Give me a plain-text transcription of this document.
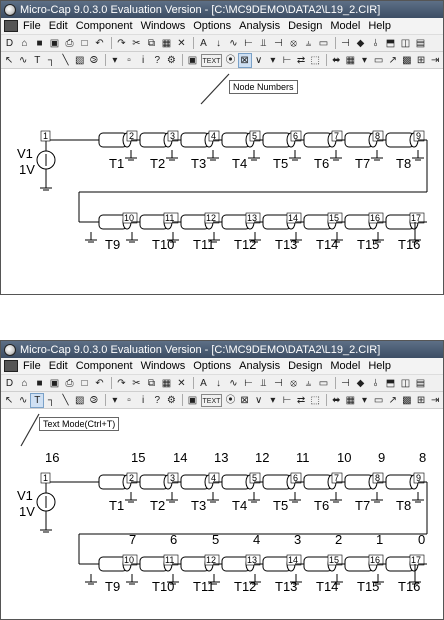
Micro-Cap 9.0.3.0 Evaluation Version - [C:\MC9DEMO\DATA2\L19_2.CIR]
File Edit Component Windows Options Analysis Design Model Help
D ⌂ ■ ▣ ⎙ □ ↶ ↷ ✂ ⧉ ▦ ✕	A ↓ ∿ ⊢ ⫫ ⊣ ⦻ ⫨ ▭ ⊣ ◆ ⫰ ⬒ ◫ ▤
↖ ∿ T ┐ ╲ ▧ ⧁	▾ ▫	i	? ⚙ ▣ TEXT ⦿ ⊠ ∨ ▾ ⊢ ⇄ ⬚ ⬌ ▦ ▾ ▭ ↗ ▩ ⊞ ⇥
V1
1V
1
T1
2
T2
3
T3
4
T4
5
T5
6
T6
7
T7
8
T8
9
T9
10
T10
11
T11
12
T12
13
T13
14
T14
15
T15
16
T16
17
Node Numbers
Micro-Cap 9.0.3.0 Evaluation Version - [C:\MC9DEMO\DATA2\L19_2.CIR]
File Edit Component Windows Options Analysis Design Model Help
D ⌂ ■ ▣ ⎙ □ ↶ ↷ ✂ ⧉ ▦ ✕	A ↓ ∿ ⊢ ⫫ ⊣ ⦻ ⫨ ▭ ⊣ ◆ ⫰ ⬒ ◫ ▤
↖ ∿ T ┐ ╲ ▧ ⧁	▾ ▫	i	? ⚙ ▣ TEXT ⦿ ⊠ ∨ ▾ ⊢ ⇄ ⬚ ⬌ ▦ ▾ ▭ ↗ ▩ ⊞ ⇥
V1
1V
1
T1
2
T2
3
T3
4
T4
5
T5
6
T6
7
T7
8
T8
9
T9
10
T10
11
T11
12
T12
13
T13
14
T14
15
T15
16
T16
17
16	15 14 13 12 11 10 9	8
7	6	5	4	3	2	1	0
Text Mode(Ctrl+T)
